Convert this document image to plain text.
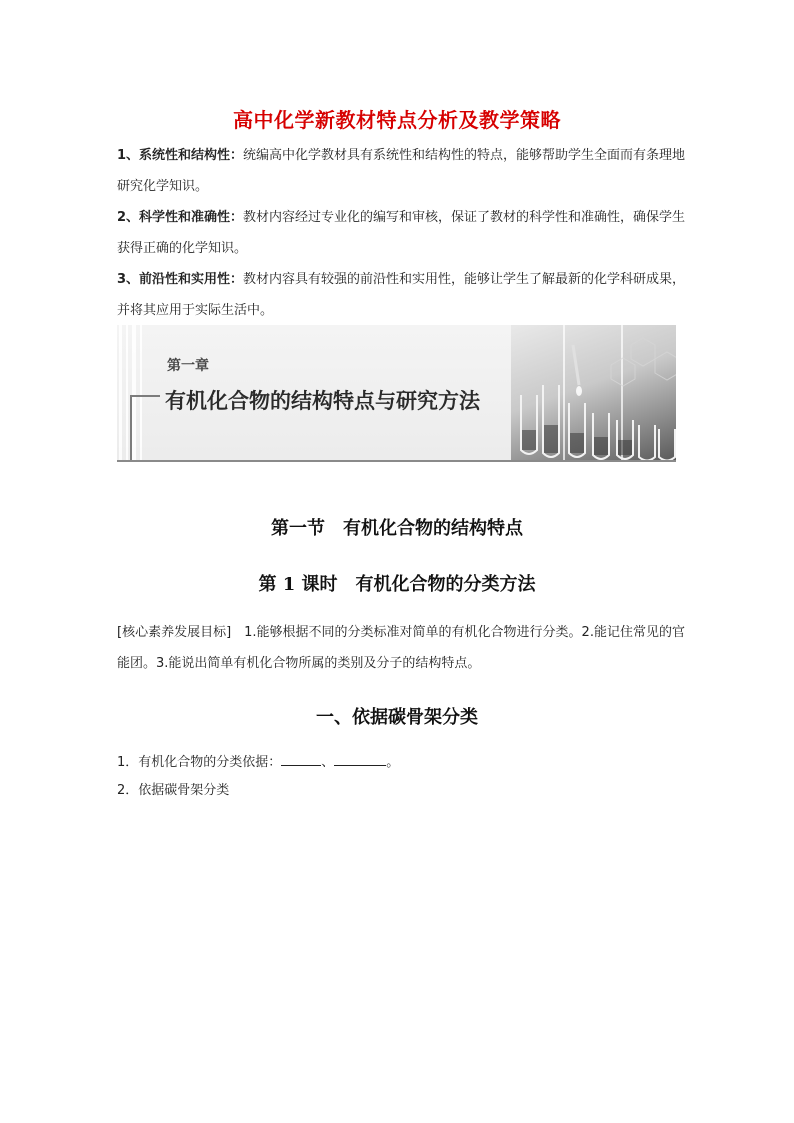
高中化学新教材特点分析及教学策略

1、系统性和结构性：统编高中化学教材具有系统性和结构性的特点，能够帮助学生全面而有条理地研究化学知识。

2、科学性和准确性：教材内容经过专业化的编写和审核，保证了教材的科学性和准确性，确保学生获得正确的化学知识。

3、前沿性和实用性：教材内容具有较强的前沿性和实用性，能够让学生了解最新的化学科研成果，并将其应用于实际生活中。

第一章
有机化合物的结构特点与研究方法
第一节　有机化合物的结构特点
第 1 课时　有机化合物的分类方法
[核心素养发展目标]　1.能够根据不同的分类标准对简单的有机化合物进行分类。2.能记住常见的官能团。3.能说出简单有机化合物所属的类别及分子的结构特点。
一、依据碳骨架分类

1．有机化合物的分类依据：	、	。

2．依据碳骨架分类
